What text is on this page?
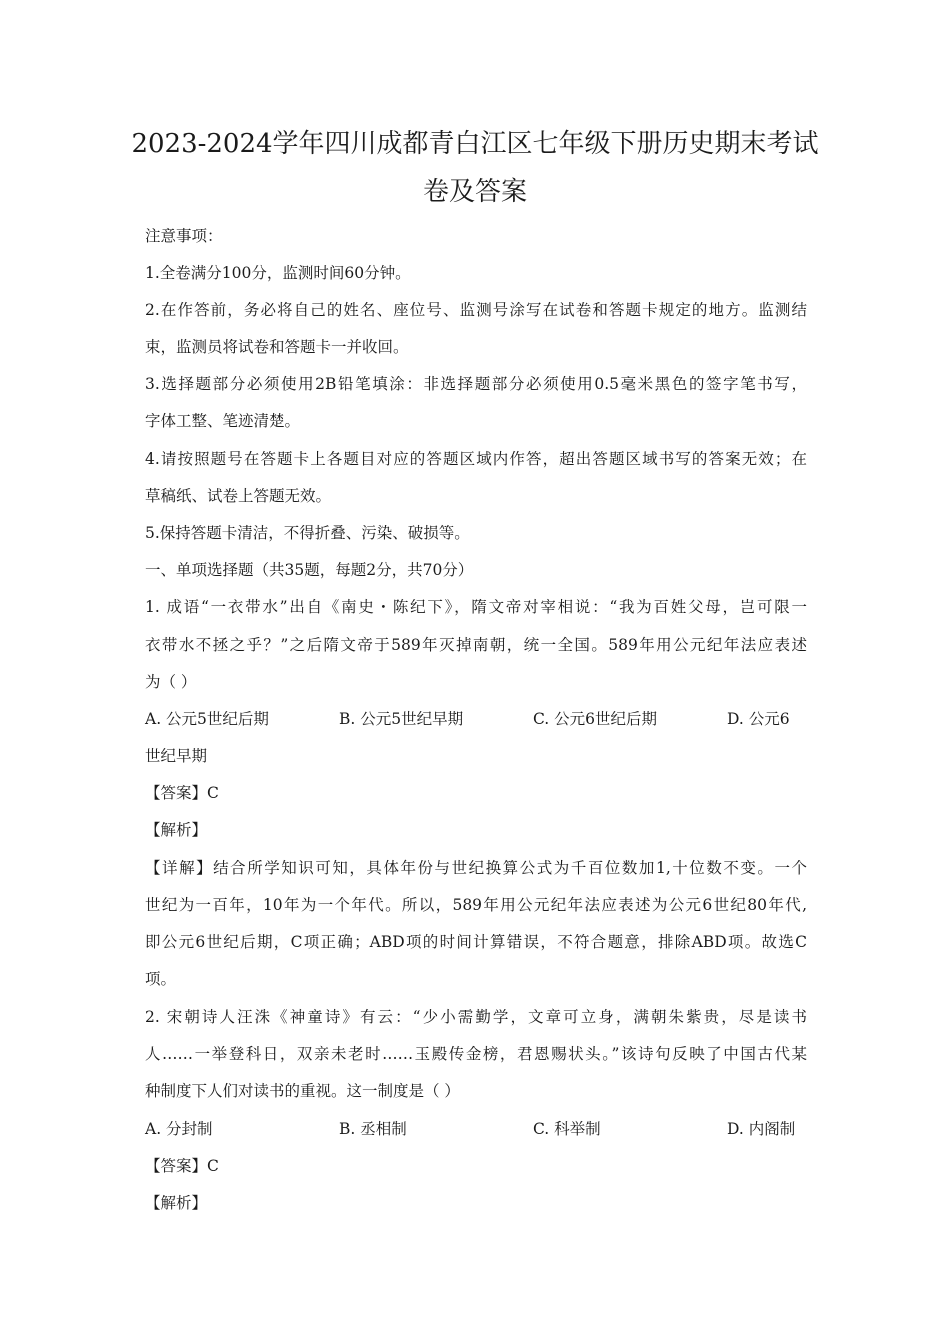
2023-2024学年四川成都青白江区七年级下册历史期末考试
卷及答案
注意事项：
1.全卷满分100分，监测时间60分钟。
2.在作答前，务必将自己的姓名、座位号、监测号涂写在试卷和答题卡规定的地方。监测结
束，监测员将试卷和答题卡一并收回。
3.选择题部分必须使用2B铅笔填涂：非选择题部分必须使用0.5毫米黑色的签字笔书写，
字体工整、笔迹清楚。
4.请按照题号在答题卡上各题目对应的答题区域内作答，超出答题区域书写的答案无效；在
草稿纸、试卷上答题无效。
5.保持答题卡清洁，不得折叠、污染、破损等。
一、单项选择题（共35题，每题2分，共70分）
1. 成语“一衣带水”出自《南史・陈纪下》，隋文帝对宰相说：“我为百姓父母，岂可限一
衣带水不拯之乎？”之后隋文帝于589年灭掉南朝，统一全国。589年用公元纪年法应表述
为（ ）
A. 公元5世纪后期	B. 公元5世纪早期	C. 公元6世纪后期	D. 公元6
世纪早期
【答案】C
【解析】
【详解】结合所学知识可知，具体年份与世纪换算公式为千百位数加1,十位数不变。一个
世纪为一百年，10年为一个年代。所以，589年用公元纪年法应表述为公元6世纪80年代,
即公元6世纪后期，C项正确；ABD项的时间计算错误，不符合题意，排除ABD项。故选C
项。
2. 宋朝诗人汪洙《神童诗》有云：“少小需勤学，文章可立身，满朝朱紫贵，尽是读书
人……一举登科日，双亲未老时……玉殿传金榜，君恩赐状头。”该诗句反映了中国古代某
种制度下人们对读书的重视。这一制度是（ ）
A. 分封制	B. 丞相制	C. 科举制	D. 内阁制
【答案】C
【解析】
